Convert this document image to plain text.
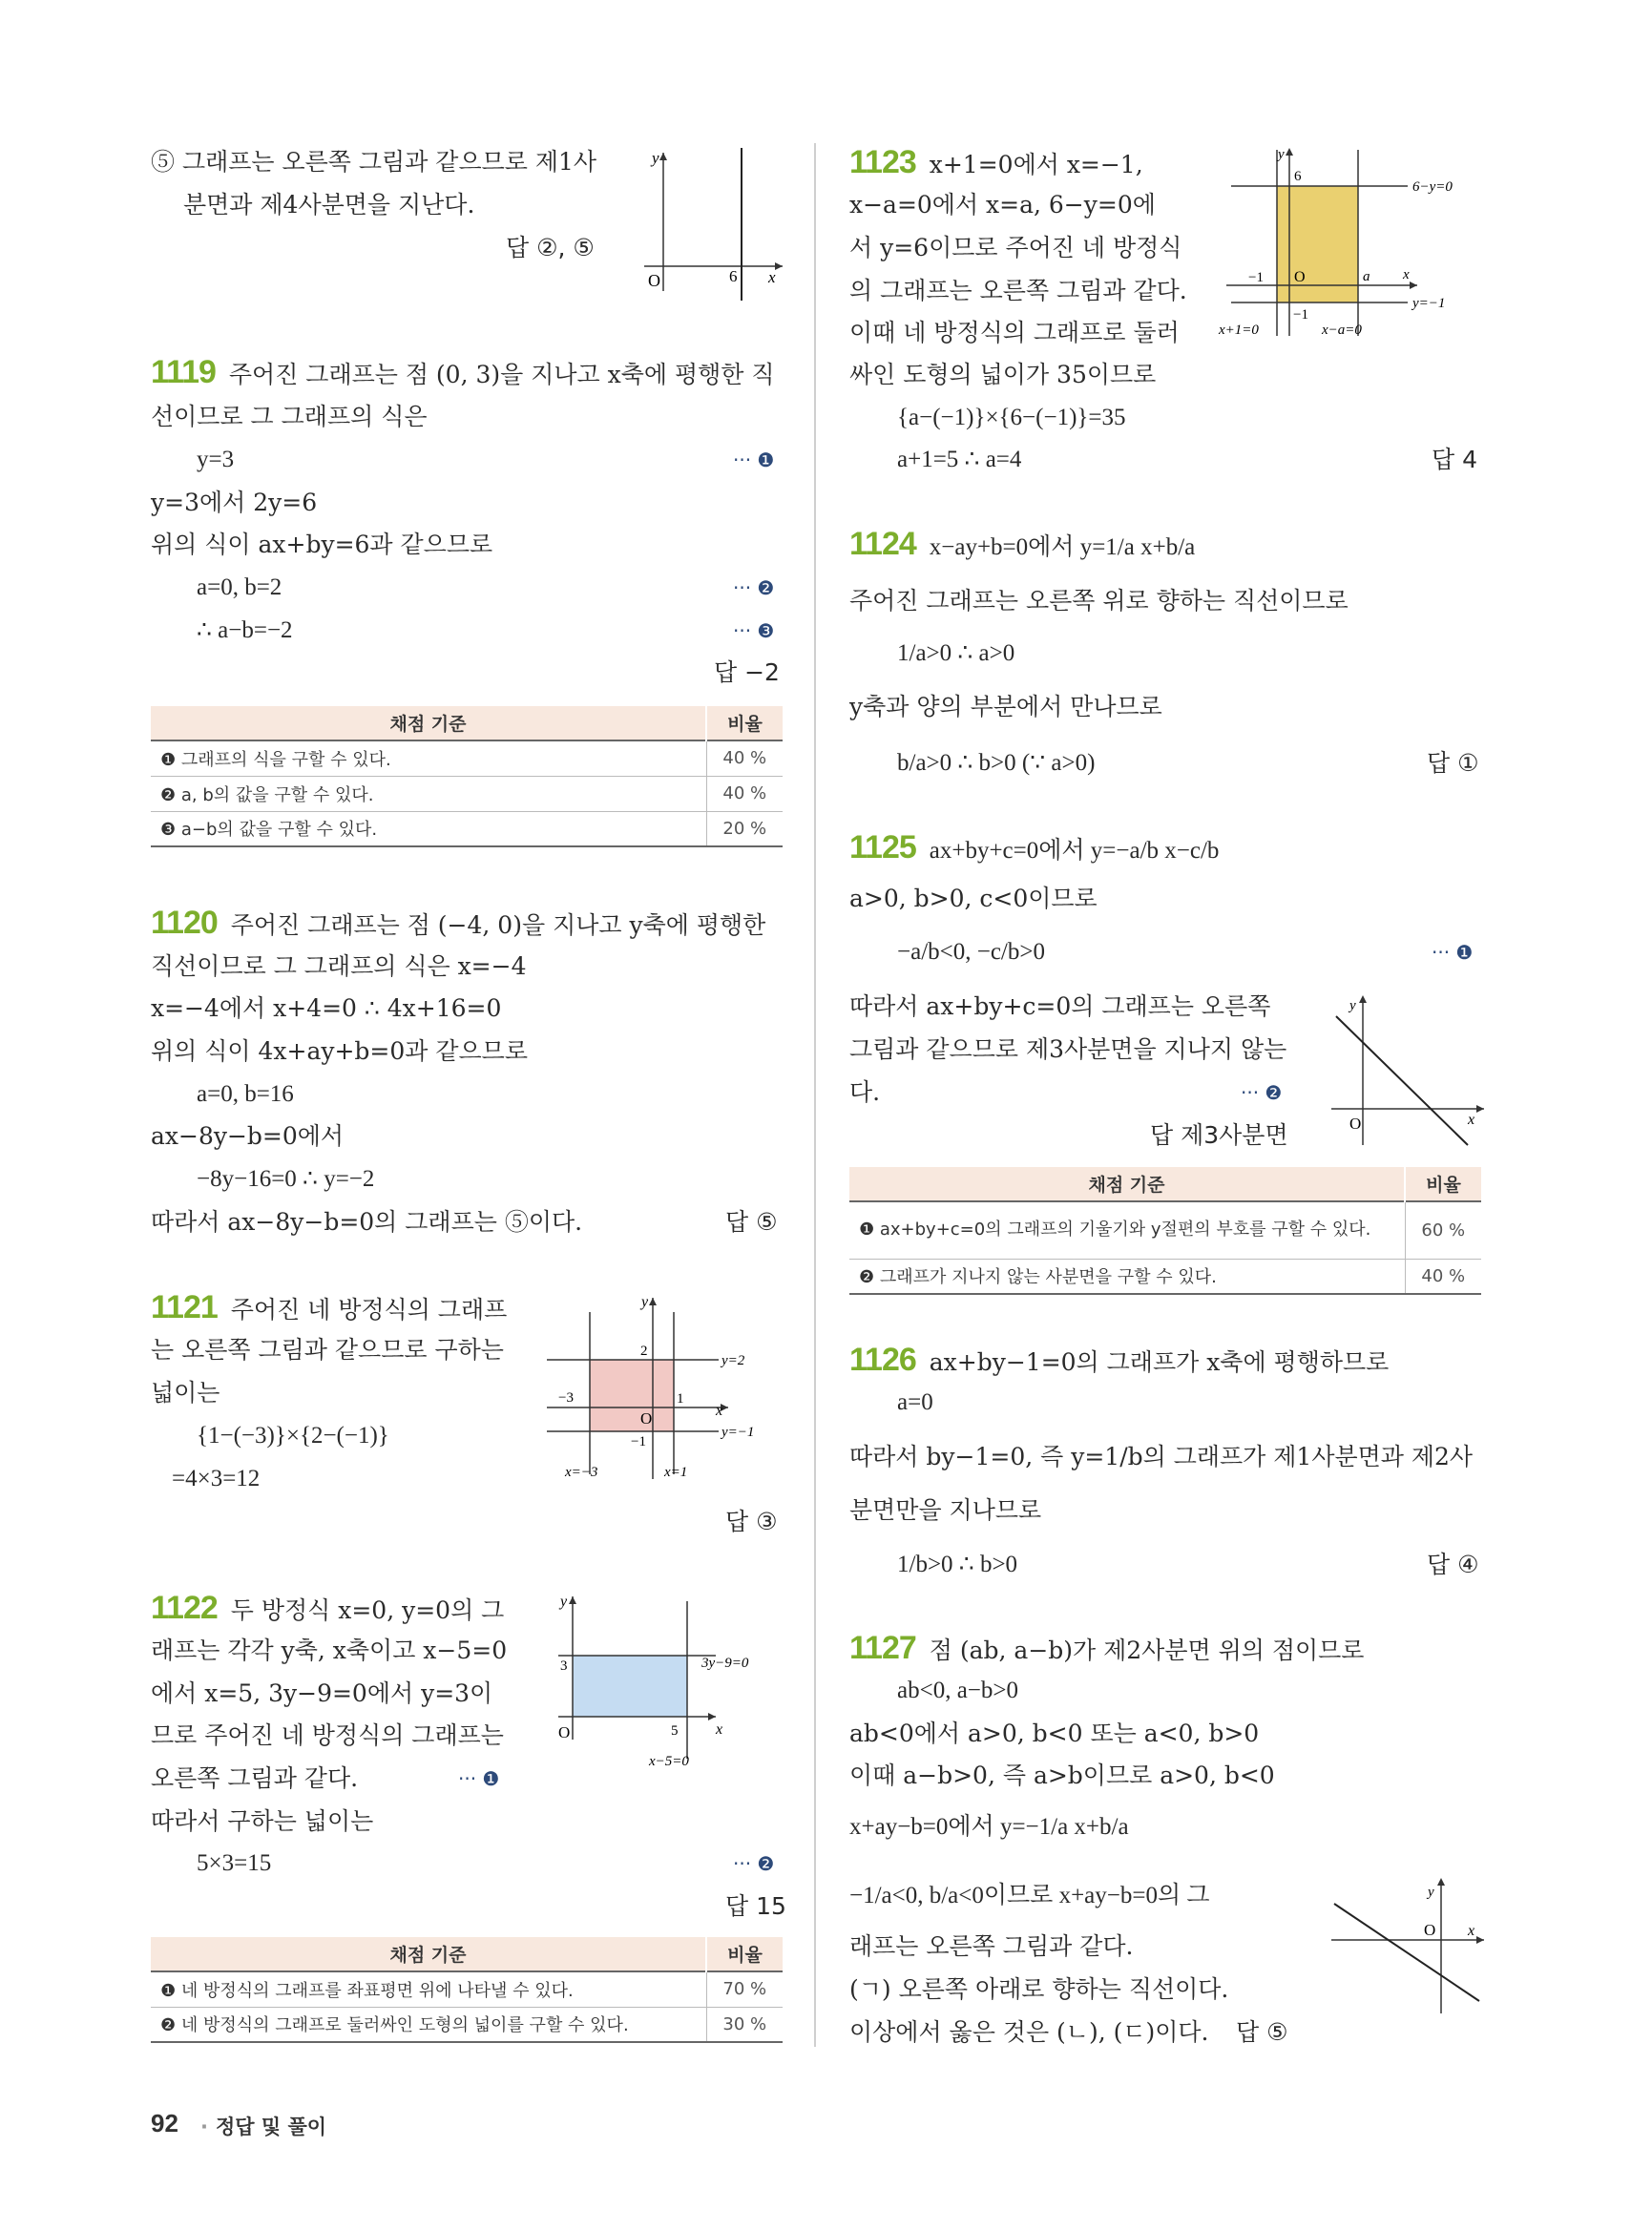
⑤ 그래프는 오른쪽 그림과 같으므로 제1사
분면과 제4사분면을 지난다.
답 ②, ⑤
y
O	6 x
1119 주어진 그래프는 점 (0, 3)을 지나고 x축에 평행한 직
선이므로 그 그래프의 식은
y=3	··· ❶
y=3에서 2y=6
위의 식이 ax+by=6과 같으므로
a=0, b=2	··· ❷
∴ a−b=−2	··· ❸
답 −2
채점 기준	비율
❶ 그래프의 식을 구할 수 있다.	40 %
❷ a, b의 값을 구할 수 있다.	40 %
❸ a−b의 값을 구할 수 있다.	20 %
1120 주어진 그래프는 점 (−4, 0)을 지나고 y축에 평행한
직선이므로 그 그래프의 식은 x=−4
x=−4에서 x+4=0 ∴ 4x+16=0
위의 식이 4x+ay+b=0과 같으므로
a=0, b=16
ax−8y−b=0에서
−8y−16=0 ∴ y=−2
따라서 ax−8y−b=0의 그래프는 ⑤이다.	답 ⑤
1121 주어진 네 방정식의 그래프
는 오른쪽 그림과 같으므로 구하는
넓이는
{1−(−3)}×{2−(−1)}
=4×3=12
답 ③
y
x
O
2
1
−3
−1
y=2
y=−1
x=−3	x=1
1122 두 방정식 x=0, y=0의 그
래프는 각각 y축, x축이고 x−5=0
에서 x=5, 3y−9=0에서 y=3이
므로 주어진 네 방정식의 그래프는
오른쪽 그림과 같다.	··· ❶
따라서 구하는 넓이는
5×3=15	··· ❷
답 15
y
x
O
3
5
3y−9=0
x−5=0
채점 기준	비율
❶ 네 방정식의 그래프를 좌표평면 위에 나타낼 수 있다.	70 %
❷ 네 방정식의 그래프로 둘러싸인 도형의 넓이를 구할 수 있다.	30 %
1123 x+1=0에서 x=−1,
x−a=0에서 x=a, 6−y=0에
서 y=6이므로 주어진 네 방정식
의 그래프는 오른쪽 그림과 같다.
이때 네 방정식의 그래프로 둘러
싸인 도형의 넓이가 35이므로
{a−(−1)}×{6−(−1)}=35
a+1=5 ∴ a=4	답 4
y
x
O
6
−1	a
−1
6−y=0
y=−1
x+1=0	x−a=0
1124 x−ay+b=0에서 y=1/a x+b/a
주어진 그래프는 오른쪽 위로 향하는 직선이므로
1/a>0 ∴ a>0
y축과 양의 부분에서 만나므로
b/a>0 ∴ b>0 (∵ a>0)	답 ①
1125 ax+by+c=0에서 y=−a/b x−c/b
a>0, b>0, c<0이므로
−a/b<0, −c/b>0	··· ❶
따라서 ax+by+c=0의 그래프는 오른쪽
그림과 같으므로 제3사분면을 지나지 않는
다.	··· ❷
답 제3사분면
y
x
O
채점 기준	비율
❶ ax+by+c=0의 그래프의 기울기와 y절편의 부호를 구할 수 있다.	60 %
❷ 그래프가 지나지 않는 사분면을 구할 수 있다.	40 %
1126 ax+by−1=0의 그래프가 x축에 평행하므로
a=0
따라서 by−1=0, 즉 y=1/b의 그래프가 제1사분면과 제2사
분면만을 지나므로
1/b>0 ∴ b>0	답 ④
1127 점 (ab, a−b)가 제2사분면 위의 점이므로
ab<0, a−b>0
ab<0에서 a>0, b<0 또는 a<0, b>0
이때 a−b>0, 즉 a>b이므로 a>0, b<0
x+ay−b=0에서 y=−1/a x+b/a
−1/a<0, b/a<0이므로 x+ay−b=0의 그
래프는 오른쪽 그림과 같다.
(ㄱ) 오른쪽 아래로 향하는 직선이다.
이상에서 옳은 것은 (ㄴ), (ㄷ)이다. 답 ⑤
y
x
O
92 · 정답 및 풀이
